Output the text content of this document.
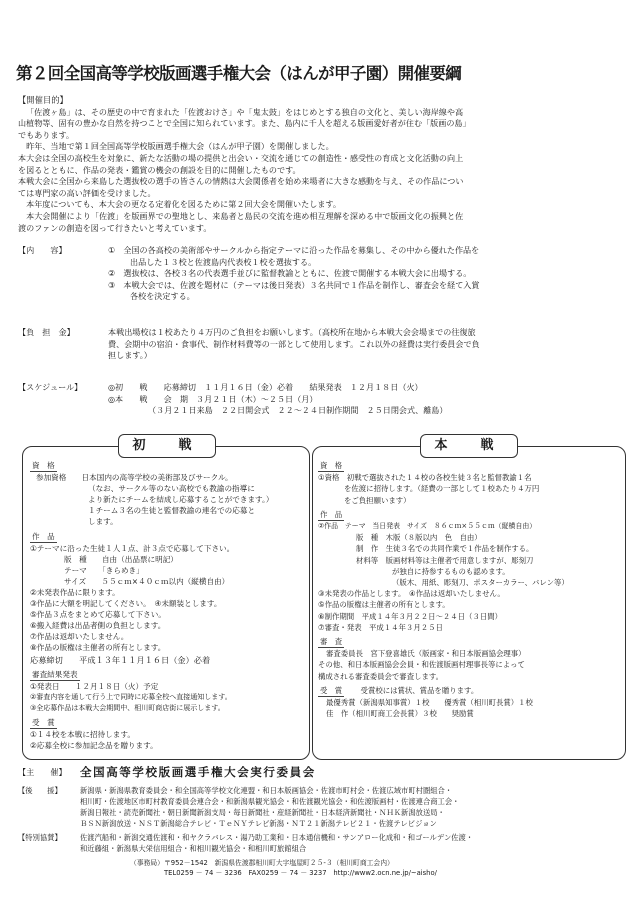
第２回全国高等学校版画選手権大会（はんが甲子園）開催要綱

【開催目的】

「佐渡ヶ島」は、その歴史の中で育まれた「佐渡おけさ」や「鬼太鼓」をはじめとする独自の文化と、美しい海岸線や高

山植物等、固有の豊かな自然を持つことで全国に知られています。また、島内に千人を超える版画愛好者が住む「版画の島」

でもあります。

　昨年、当地で第１回全国高等学校版画選手権大会（はんが甲子園）を開催しました。

本大会は全国の高校生を対象に、新たな活動の場の提供と出会い・交流を通じての創造性・感受性の育成と文化活動の向上

を図るとともに、作品の発表・鑑賞の機会の創設を目的に開催したものです。

本戦大会に全国から来島した選抜校の選手の皆さんの情熱は大会関係者を始め来場者に大きな感動を与え、その作品につい

ては専門家の高い評価を受けました。

　本年度についても、本大会の更なる定着化を図るために第２回大会を開催いたします。

　本大会開催により「佐渡」を版画界での聖地とし、来島者と島民の交流を進め相互理解を深める中で版画文化の振興と佐

渡のファンの創造を図って行きたいと考えています。

【内　　容】	①　全国の各高校の美術部やサークルから指定テーマに沿った作品を募集し、その中から優れた作品を

出品した１３校と佐渡島内代表校１校を選抜する。

②　選抜校は、各校３名の代表選手並びに監督教諭とともに、佐渡で開催する本戦大会に出場する。

③　本戦大会では、佐渡を題材に（テーマは後日発表）３名共同で１作品を制作し、審査会を経て入賞

各校を決定する。

【負　担　金】	本戦出場校は１校あたり４万円のご負担をお願いします。（高校所在地から本戦大会会場までの往復旅

費、会期中の宿泊・食事代、制作材料費等の一部として使用します。これ以外の経費は実行委員会で負

担します。）

【スケジュール】	◎初　　戦　　応募締切　１１月１６日（金）必着　　結果発表　１２月１８日（火）

◎本　　戦　　会　期　３月２１日（木）～２５日（月）

（３月２１日来島　２２日開会式　２２～２４日制作期間　２５日閉会式、離島）

初　戦

資　格

参加資格　　日本国内の高等学校の美術部及びサークル。

（なお、サークル等のない高校でも教諭の指導に

より新たにチームを結成し応募することができます。）

１チーム３名の生徒と監督教諭の連名での応募と

します。

作　品

①テーマに沿った生徒１人１点、計３点で応募して下さい。

版　種　　自由（出品票に明記）

テーマ　　「きらめき」

サイズ　　５５ｃｍ×４０ｃｍ以内（縦横自由）

②未発表作品に限ります。

③作品に大額を明記してください。　④未額装とします。

⑤作品３点をまとめて応募して下さい。

⑥搬入経費は出品者側の負担とします。

⑦作品は返却いたしません。

⑧作品の版権は主催者の所有とします。

応募締切　　平成１３年１１月１６日（金）必着

審査結果発表

①発表日　　１２月１８日（火）予定

②審査内容を通して行う上で同時に応募全校へ直接通知します。

③全応募作品は本戦大会期間中、相川町商店街に展示します。

受　賞

①１４校を本戦に招待します。

②応募全校に参加記念品を贈ります。

本　戦

資　格

①資格　初戦で選抜された１４校の各校生徒３名と監督教諭１名

を佐渡に招待します。（経費の一部として１校あたり４万円

をご負担願います）

作　品

②作品　テーマ　当日発表　サイズ　８６ｃｍ×５５ｃｍ（縦横自由）

版　種　木版（８版以内　色　自由）

制　作　生徒３名での共同作業で１作品を制作する。

材料等　版画材料等は主催者で用意しますが、彫刻刀

が独自に持参するものも認めます。

（版木、用紙、彫刻刀、ポスターカラー、バレン等）

③未発表の作品とします。　④作品は返却いたしません。

⑤作品の版権は主催者の所有とします。

⑥制作期間　平成１４年３月２２日～２４日（３日間）

⑦審査・発表　平成１４年３月２５日

審　査

審査委員長　宮下登喜雄氏（版画家・和日本版画協会理事）

その他、和日本版画協会会員・和佐渡版画村理事長等によって

構成される審査委員会で審査します。

受　賞 受賞校には賞状、賞品を贈ります。

最優秀賞（新潟県知事賞）１校　　優秀賞（相川町長賞）１校

佳　作（相川町商工会長賞）３校　　奨励賞

【主　　催】	全国高等学校版画選手権大会実行委員会
【後　　援】	新潟県・新潟県教育委員会・和全国高等学校文化連盟・和日本版画協会・佐渡市町村会・佐渡広域市町村圏組合・

相川町・佐渡地区市町村教育委員会連合会・和新潟県観光協会・和佐渡観光協会・和佐渡版画村・佐渡連合商工会・

新潟日報社・読売新聞社・朝日新聞新潟支局・毎日新聞社・産経新聞社・日本経済新聞社・ＮＨＫ新潟放送局・

ＢＳＮ新潟放送・ＮＳＴ新潟総合テレビ・ＴｅＮＹテレビ新潟・ＮＴ２１新潟テレビ２１・佐渡テレビジョン

【特別協賛】	佐渡汽船和・新潟交通佐渡和・和ヤクラバレス・湯乃助工業和・日本通信機和・サンアロー化成和・和ゴールデン佐渡・

和近藤組・新潟県大栄信用組合・和相川観光協会・和相川町旅館組合

（事務局）〒952－1542　新潟県佐渡郡相川町大字塩屋町２５‐３（相川町商工会内）

TEL0259 － 74 － 3236　FAX0259 － 74 － 3237　http://www2.ocn.ne.jp/~aisho/
